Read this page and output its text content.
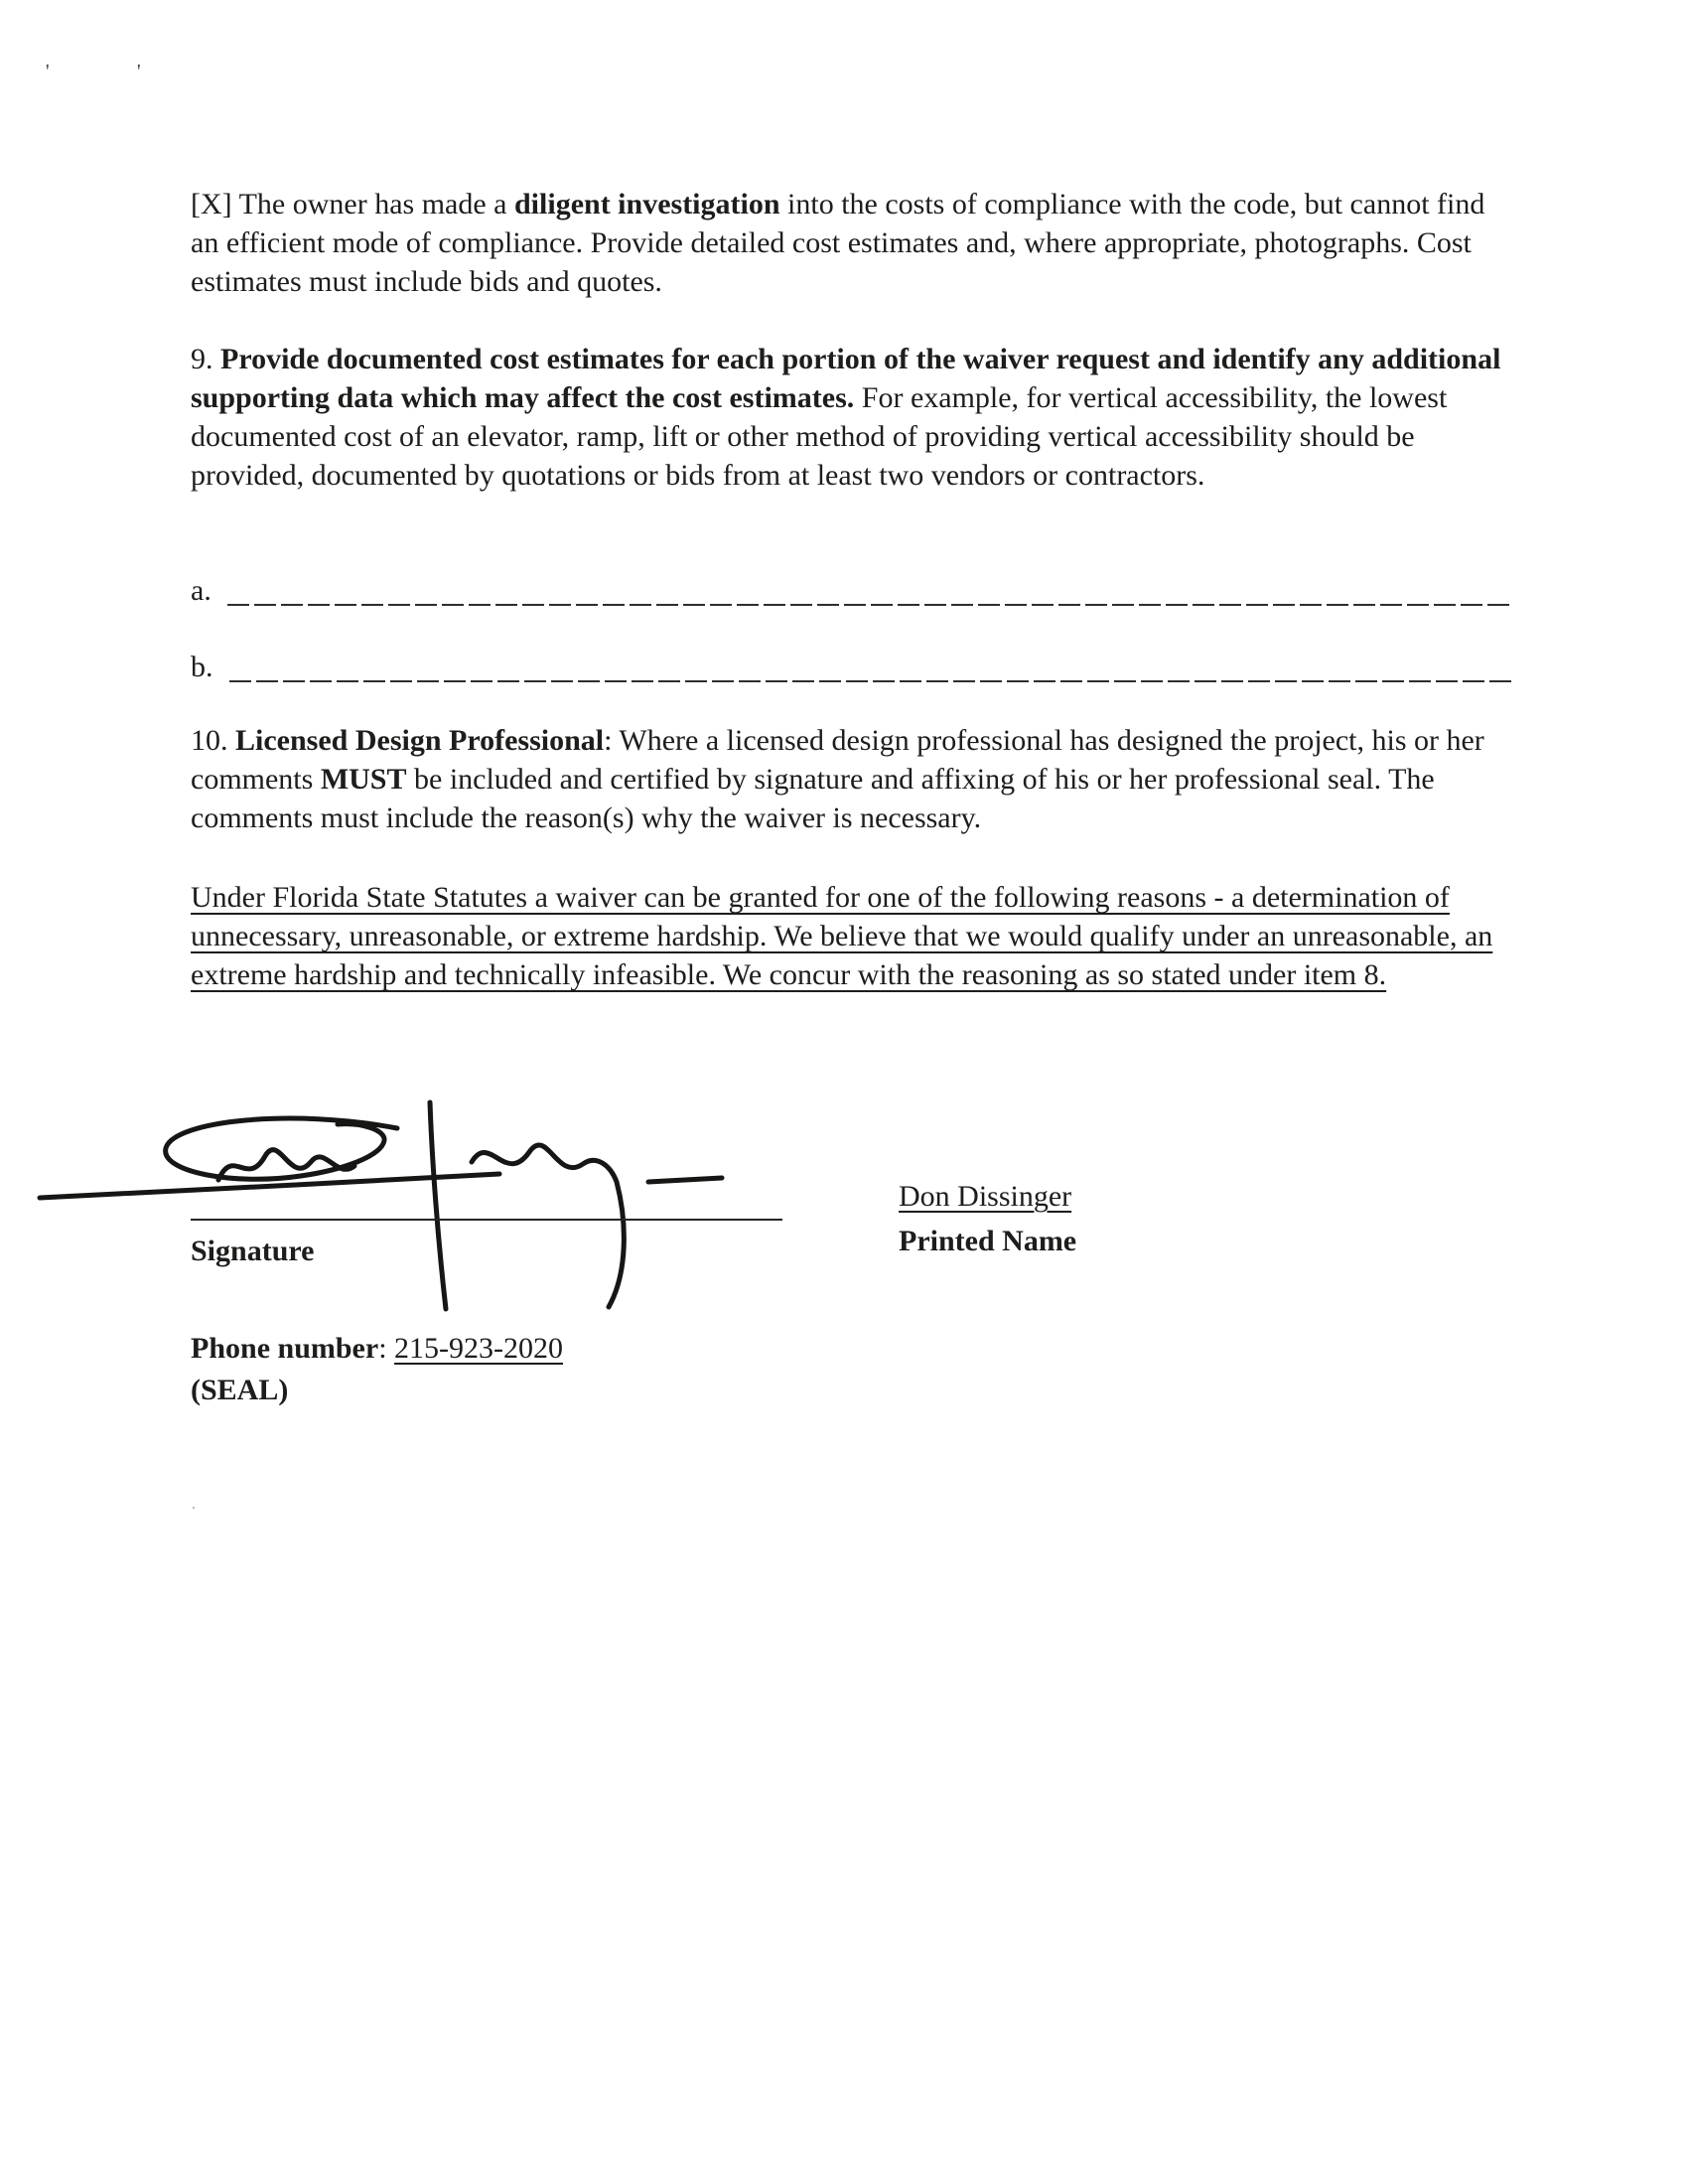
'	'
.

[X] The owner has made a diligent investigation into the costs of compliance with the code, but cannot find an efficient mode of compliance. Provide detailed cost estimates and, where appropriate, photographs. Cost estimates must include bids and quotes.

9. Provide documented cost estimates for each portion of the waiver request and identify any additional supporting data which may affect the cost estimates. For example, for vertical accessibility, the lowest documented cost of an elevator, ramp, lift or other method of providing vertical accessibility should be provided, documented by quotations or bids from at least two vendors or contractors.

a.
b.

10. Licensed Design Professional: Where a licensed design professional has designed the project, his or her comments MUST be included and certified by signature and affixing of his or her professional seal. The comments must include the reason(s) why the waiver is necessary.

Under Florida State Statutes a waiver can be granted for one of the following reasons - a determination of unnecessary, unreasonable, or extreme hardship. We believe that we would qualify under an unreasonable, an extreme hardship and technically infeasible. We concur with the reasoning as so stated under item 8.

Signature
Don Dissinger
Printed Name
Phone number: 215-923-2020
(SEAL)
